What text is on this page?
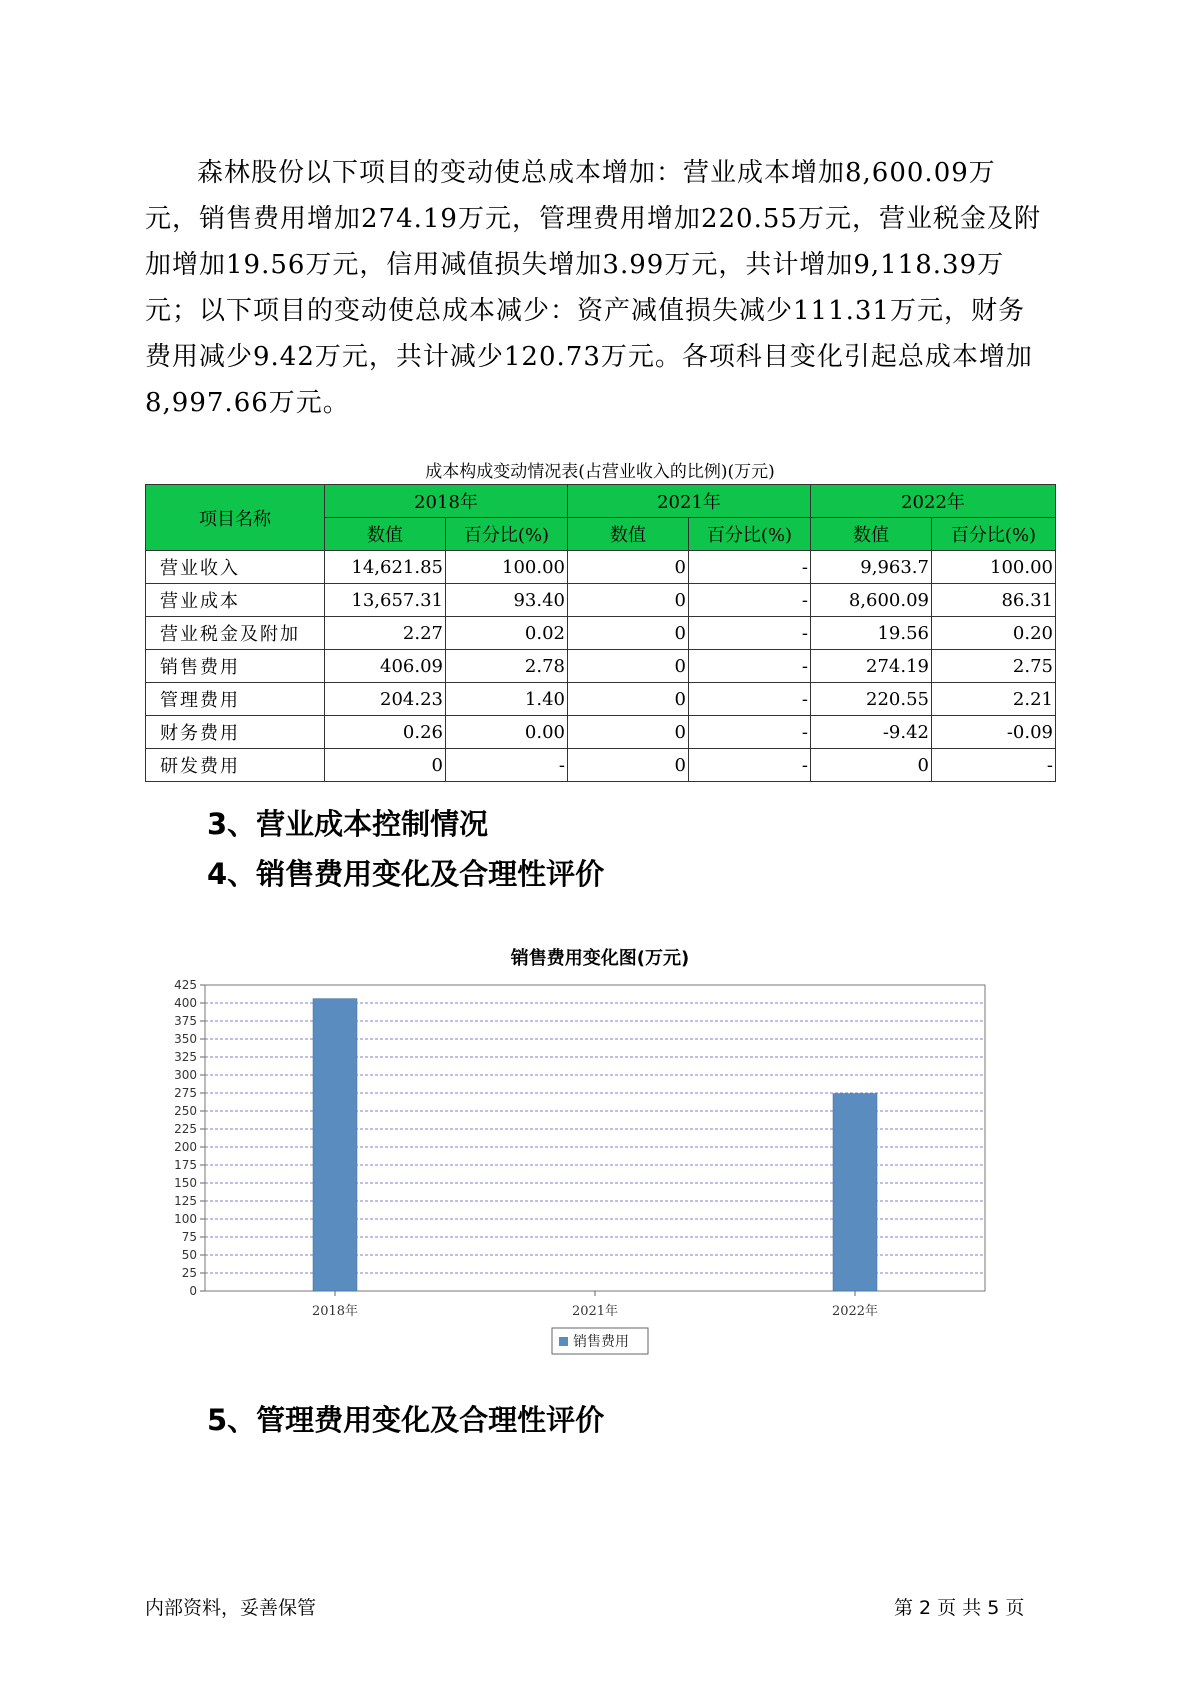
森林股份以下项目的变动使总成本增加：营业成本增加8,600.09万元，销售费用增加274.19万元，管理费用增加220.55万元，营业税金及附加增加19.56万元，信用减值损失增加3.99万元，共计增加9,118.39万元；以下项目的变动使总成本减少：资产减值损失减少111.31万元，财务费用减少9.42万元，共计减少120.73万元。各项科目变化引起总成本增加8,997.66万元。

成本构成变动情况表(占营业收入的比例)(万元)
项目名称	2018年		2021年		2022年	
	数值	百分比(%)	数值	百分比(%)	数值	百分比(%)
营业收入	14,621.85	100.00	0	-	9,963.7	100.00
营业成本	13,657.31	93.40	0	-	8,600.09	86.31
营业税金及附加	2.27	0.02	0	-	19.56	0.20
销售费用	406.09	2.78	0	-	274.19	2.75
管理费用	204.23	1.40	0	-	220.55	2.21
财务费用	0.26	0.00	0	-	-9.42	-0.09
研发费用	0	-	0	-	0	-
3、营业成本控制情况
4、销售费用变化及合理性评价
销售费用变化图(万元)
0
25
50
75
100
125
150
175
200
225
250
275
300
325
350
375
400
425
2018年	2021年	2022年
销售费用
5、管理费用变化及合理性评价
内部资料，妥善保管	第 2 页 共 5 页
